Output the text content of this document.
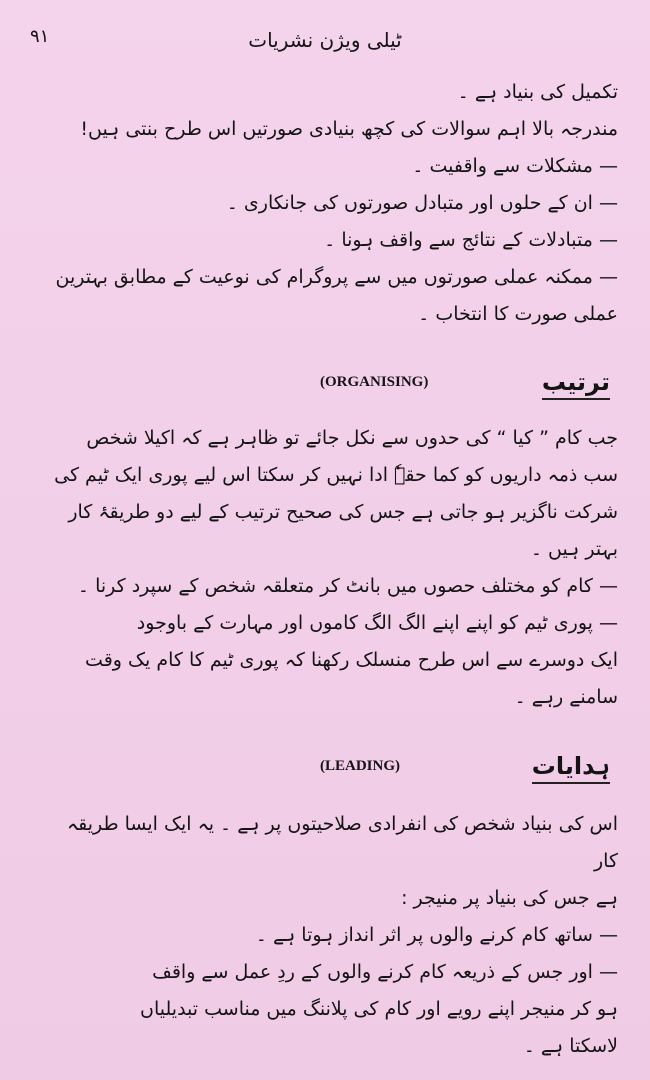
ٹیلی ویژن نشریات
۹۱

تکمیل کی بنیاد ہے ۔

مندرجہ بالا اہم سوالات کی کچھ بنیادی صورتیں اس طرح بنتی ہیں!

— مشکلات سے واقفیت ۔

— ان کے حلوں اور متبادل صورتوں کی جانکاری ۔

— متبادلات کے نتائج سے واقف ہونا ۔

— ممکنہ عملی صورتوں میں سے پروگرام کی نوعیت کے مطابق بہترین

عملی صورت کا انتخاب ۔

ترتیب
(ORGANISING)

جب کام ” کیا “ کی حدوں سے نکل جائے تو ظاہر ہے کہ اکیلا شخص

سب ذمہ داریوں کو کما حقہٗ ادا نہیں کر سکتا اس لیے پوری ایک ٹیم کی

شرکت ناگزیر ہو جاتی ہے جس کی صحیح ترتیب کے لیے دو طریقۂ کار

بہتر ہیں ۔

— کام کو مختلف حصوں میں بانٹ کر متعلقہ شخص کے سپرد کرنا ۔

— پوری ٹیم کو اپنے اپنے الگ الگ کاموں اور مہارت کے باوجود

ایک دوسرے سے اس طرح منسلک رکھنا کہ پوری ٹیم کا کام یک وقت

سامنے رہے ۔

ہدایات
(LEADING)

اس کی بنیاد شخص کی انفرادی صلاحیتوں پر ہے ۔ یہ ایک ایسا طریقہ کار

ہے جس کی بنیاد پر منیجر :

— ساتھ کام کرنے والوں پر اثر انداز ہوتا ہے ۔

— اور جس کے ذریعہ کام کرنے والوں کے ردِ عمل سے واقف

ہو کر منیجر اپنے رویے اور کام کی پلاننگ میں مناسب تبدیلیاں

لاسکتا ہے ۔
